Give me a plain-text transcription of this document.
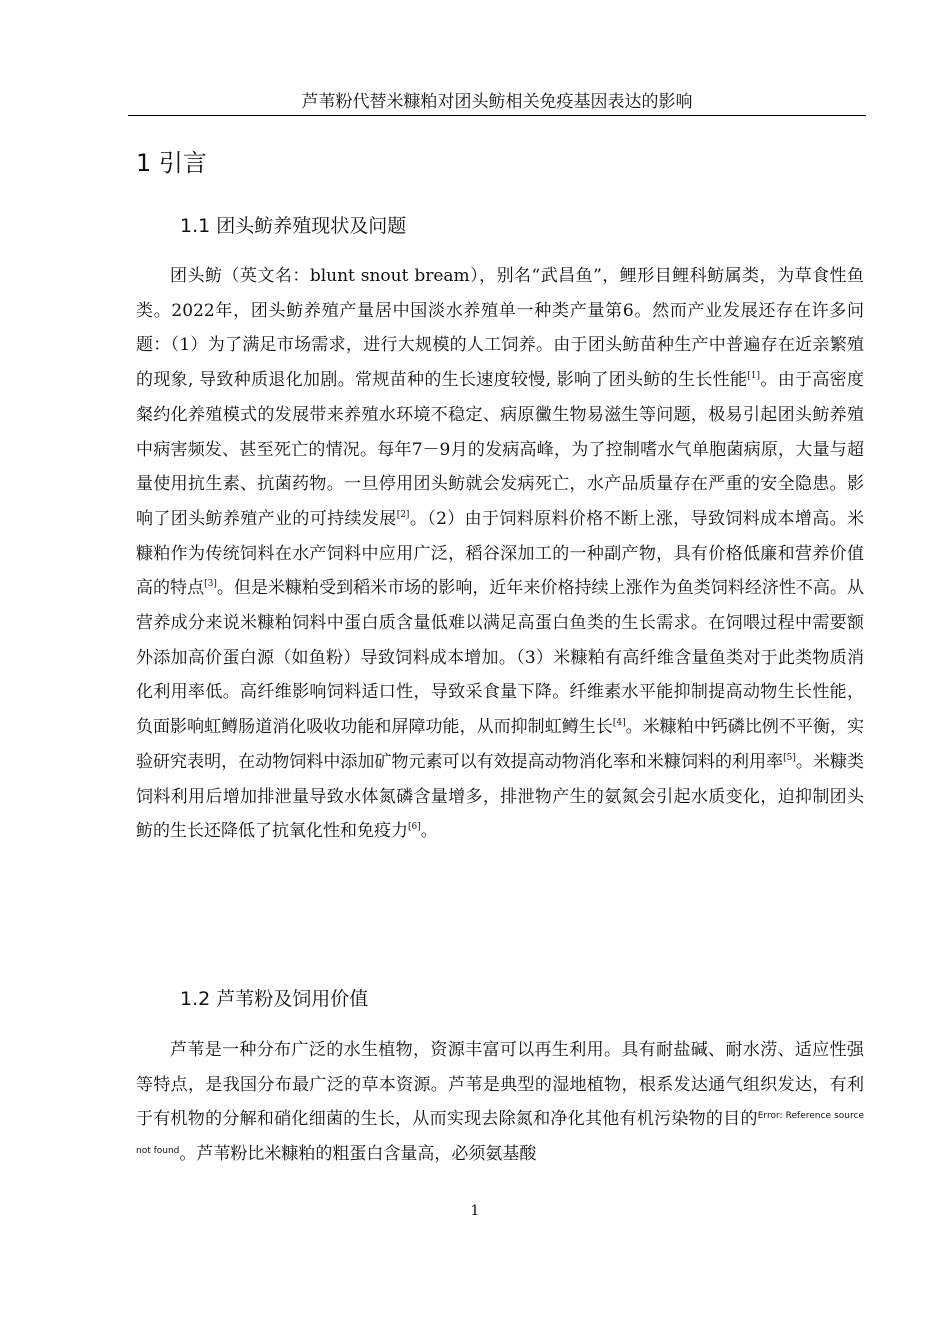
芦苇粉代替米糠粕对团头鲂相关免疫基因表达的影响
1 引言
1.1 团头鲂养殖现状及问题

团头鲂（英文名：blunt snout bream），别名“武昌鱼”，鲤形目鲤科鲂属类，为草食性鱼类。2022年，团头鲂养殖产量居中国淡水养殖单一种类产量第6。然而产业发展还存在许多问题：（1）为了满足市场需求，进行大规模的人工饲养。由于团头鲂苗种生产中普遍存在近亲繁殖的现象, 导致种质退化加剧。常规苗种的生长速度较慢, 影响了团头鲂的生长性能[1]。由于高密度粲约化养殖模式的发展带来养殖水环境不稳定、病原黴生物易滋生等问题，极易引起团头鲂养殖中病害频发、甚至死亡的情况。每年7－9月的发病高峰，为了控制嗜水气单胞菌病原，大量与超量使用抗生素、抗菌药物。一旦停用团头鲂就会发病死亡，水产品质量存在严重的安全隐患。影响了团头鲂养殖产业的可持续发展[2]。（2）由于饲料原料价格不断上涨，导致饲料成本增高。米糠粕作为传统饲料在水产饲料中应用广泛，稻谷深加工的一种副产物，具有价格低廉和营养价值高的特点[3]。但是米糠粕受到稻米市场的影响，近年来价格持续上涨作为鱼类饲料经济性不高。从营养成分来说米糠粕饲料中蛋白质含量低难以满足高蛋白鱼类的生长需求。在饲喂过程中需要额外添加高价蛋白源（如鱼粉）导致饲料成本增加。（3）米糠粕有高纤维含量鱼类对于此类物质消化利用率低。高纤维影响饲料适口性，导致采食量下降。纤维素水平能抑制提高动物生长性能，负面影响虹鳟肠道消化吸收功能和屏障功能，从而抑制虹鳟生长[4]。米糠粕中钙磷比例不平衡，实验研究表明，在动物饲料中添加矿物元素可以有效提高动物消化率和米糠饲料的利用率[5]。米糠类饲料利用后增加排泄量导致水体氮磷含量增多，排泄物产生的氨氮会引起水质变化，迫抑制团头鲂的生长还降低了抗氧化性和免疫力[6]。

1.2 芦苇粉及饲用价值

芦苇是一种分布广泛的水生植物，资源丰富可以再生利用。具有耐盐碱、耐水涝、适应性强等特点，是我国分布最广泛的草本资源。芦苇是典型的湿地植物，根系发达通气组织发达，有利于有机物的分解和硝化细菌的生长，从而实现去除氮和净化其他有机污染物的目的$^{Error: Reference source not found}$。芦苇粉比米糠粕的粗蛋白含量高，必须氨基酸

1
